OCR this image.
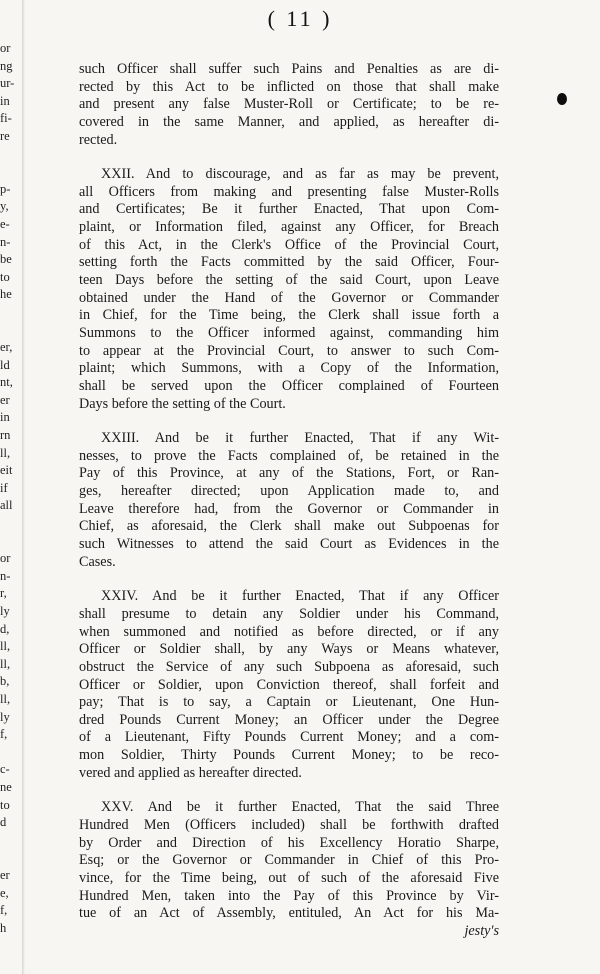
or
ng
ur-
in
fi-
re
p-
y,
e-
n-
be
to
he
er,
ld
nt,
er
in
rn
ll,
eit
if
all
or
n-
r,
ly
d,
ll,
ll,
b,
ll,
ly
f,
c-
ne
to
d
er
e,
f,
h
( 11 )
such Officer shall suffer such Pains and Penalties as are di-
rected by this Act to be inflicted on those that shall make
and present any false Muster-Roll or Certificate; to be re-
covered in the same Manner, and applied, as hereafter di-
rected.
XXII. And to discourage, and as far as may be prevent,
all Officers from making and presenting false Muster-Rolls
and Certificates; Be it further Enacted, That upon Com-
plaint, or Information filed, against any Officer, for Breach
of this Act, in the Clerk's Office of the Provincial Court,
setting forth the Facts committed by the said Officer, Four-
teen Days before the setting of the said Court, upon Leave
obtained under the Hand of the Governor or Commander
in Chief, for the Time being, the Clerk shall issue forth a
Summons to the Officer informed against, commanding him
to appear at the Provincial Court, to answer to such Com-
plaint; which Summons, with a Copy of the Information,
shall be served upon the Officer complained of Fourteen
Days before the setting of the Court.
XXIII. And be it further Enacted, That if any Wit-
nesses, to prove the Facts complained of, be retained in the
Pay of this Province, at any of the Stations, Fort, or Ran-
ges, hereafter directed; upon Application made to, and
Leave therefore had, from the Governor or Commander in
Chief, as aforesaid, the Clerk shall make out Subpoenas for
such Witnesses to attend the said Court as Evidences in the
Cases.
XXIV. And be it further Enacted, That if any Officer
shall presume to detain any Soldier under his Command,
when summoned and notified as before directed, or if any
Officer or Soldier shall, by any Ways or Means whatever,
obstruct the Service of any such Subpoena as aforesaid, such
Officer or Soldier, upon Conviction thereof, shall forfeit and
pay; That is to say, a Captain or Lieutenant, One Hun-
dred Pounds Current Money; an Officer under the Degree
of a Lieutenant, Fifty Pounds Current Money; and a com-
mon Soldier, Thirty Pounds Current Money; to be reco-
vered and applied as hereafter directed.
XXV. And be it further Enacted, That the said Three
Hundred Men (Officers included) shall be forthwith drafted
by Order and Direction of his Excellency Horatio Sharpe,
Esq; or the Governor or Commander in Chief of this Pro-
vince, for the Time being, out of such of the aforesaid Five
Hundred Men, taken into the Pay of this Province by Vir-
tue of an Act of Assembly, entituled, An Act for his Ma-
jesty's
